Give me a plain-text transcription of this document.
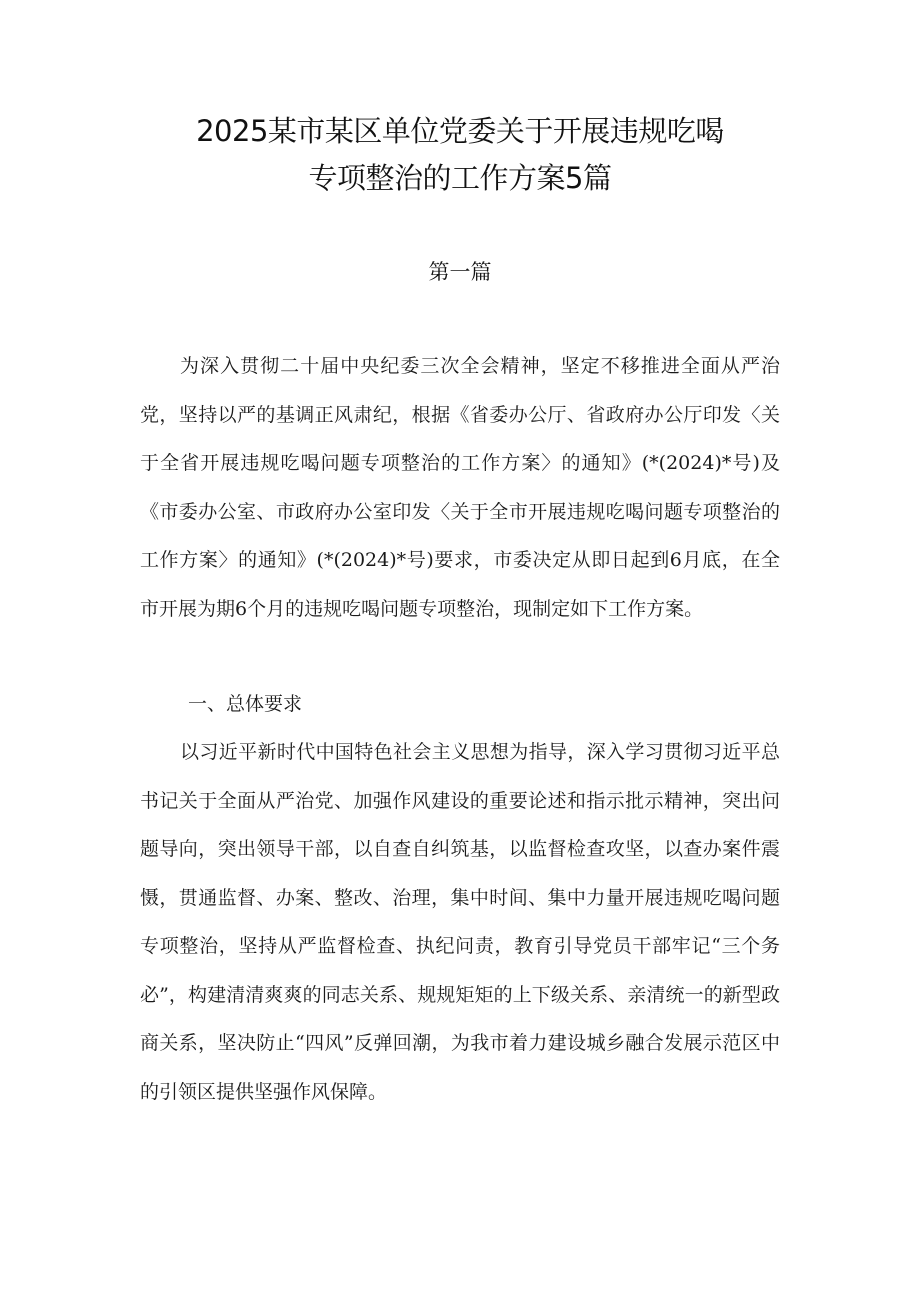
2025某市某区单位党委关于开展违规吃喝
专项整治的工作方案5篇
第一篇
为深入贯彻二十届中央纪委三次全会精神，坚定不移推进全面从严治党，坚持以严的基调正风肃纪，根据《省委办公厅、省政府办公厅印发〈关于全省开展违规吃喝问题专项整治的工作方案〉的通知》(*(2024)*号)及《市委办公室、市政府办公室印发〈关于全市开展违规吃喝问题专项整治的工作方案〉的通知》(*(2024)*号)要求，市委决定从即日起到6月底，在全市开展为期6个月的违规吃喝问题专项整治，现制定如下工作方案。
一、总体要求
以习近平新时代中国特色社会主义思想为指导，深入学习贯彻习近平总书记关于全面从严治党、加强作风建设的重要论述和指示批示精神，突出问题导向，突出领导干部，以自查自纠筑基，以监督检查攻坚，以查办案件震慑，贯通监督、办案、整改、治理，集中时间、集中力量开展违规吃喝问题专项整治，坚持从严监督检查、执纪问责，教育引导党员干部牢记“三个务必”，构建清清爽爽的同志关系、规规矩矩的上下级关系、亲清统一的新型政商关系，坚决防止“四风”反弹回潮，为我市着力建设城乡融合发展示范区中的引领区提供坚强作风保障。
